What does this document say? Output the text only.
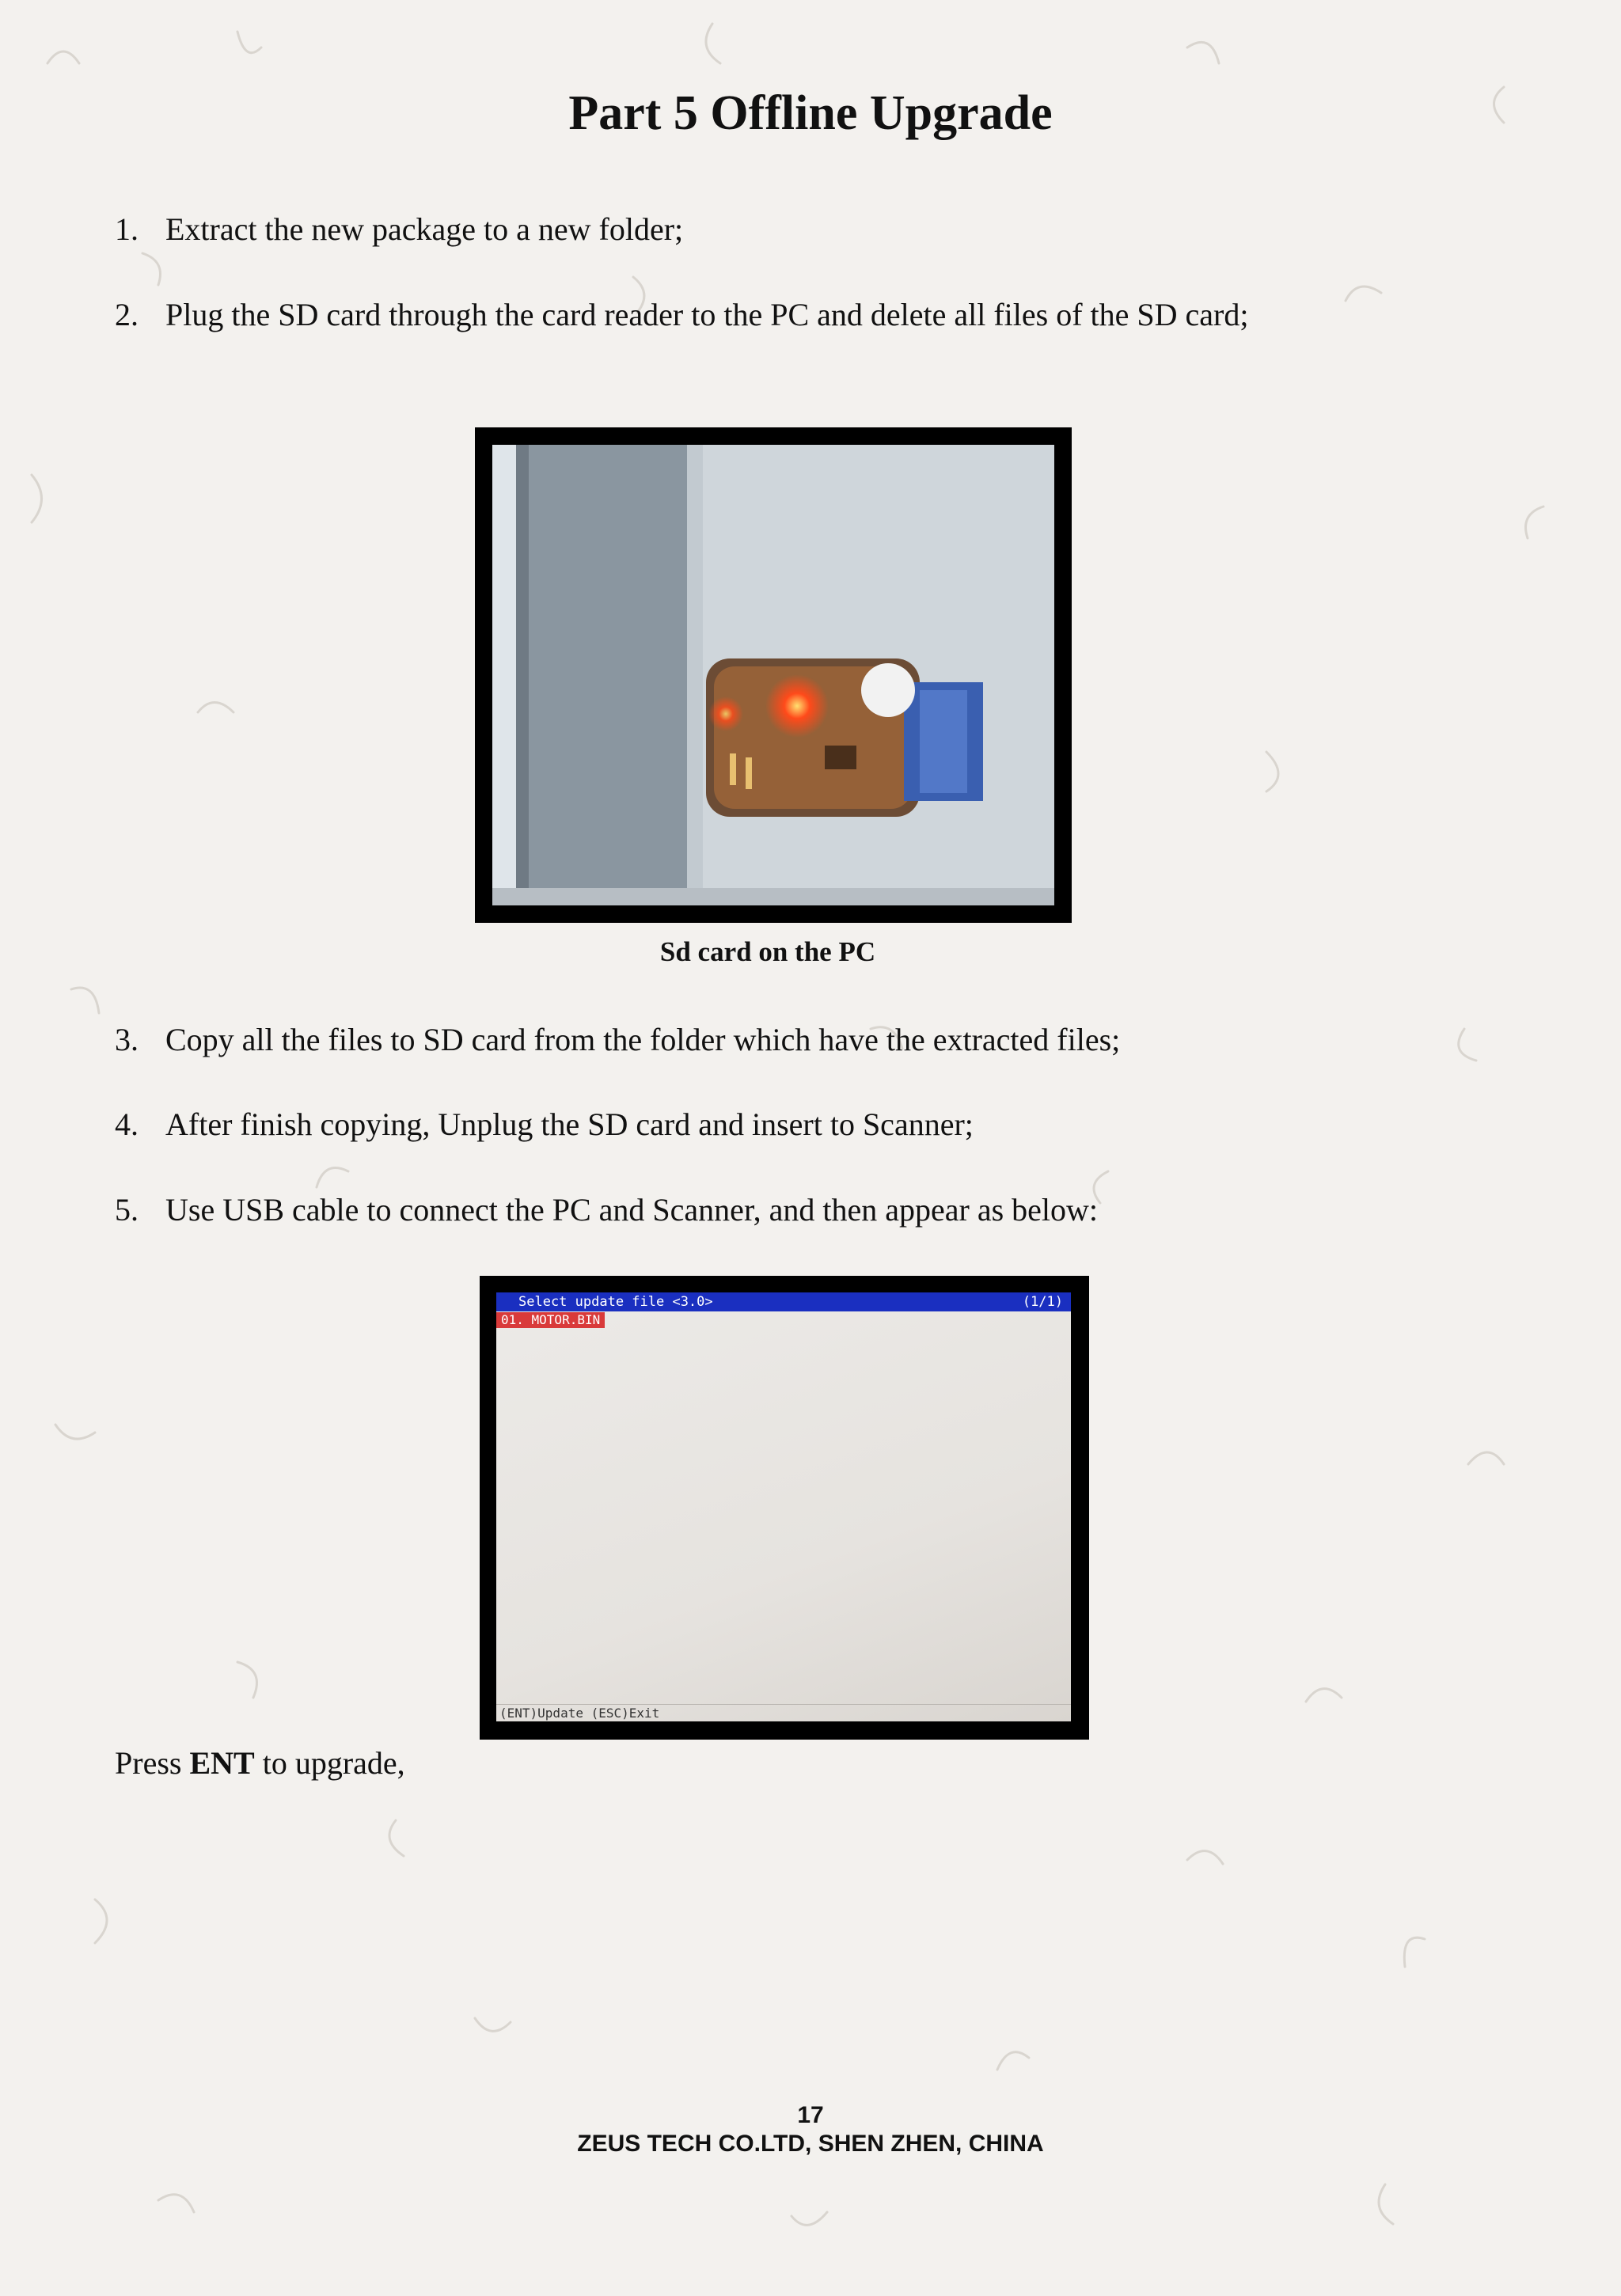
Part 5 Offline Upgrade
1. Extract the new package to a new folder;
2. Plug the SD card through the card reader to the PC and delete all files of the SD card;
Sd card on the PC
3. Copy all the files to SD card from the folder which have the extracted files;
4. After finish copying, Unplug the SD card and insert to Scanner;
5. Use USB cable to connect the PC and Scanner, and then appear as below:
Select update file <3.0>	(1/1)
01. MOTOR.BIN
(ENT)Update (ESC)Exit
Press ENT to upgrade,
17
ZEUS TECH CO.LTD, SHEN ZHEN, CHINA
